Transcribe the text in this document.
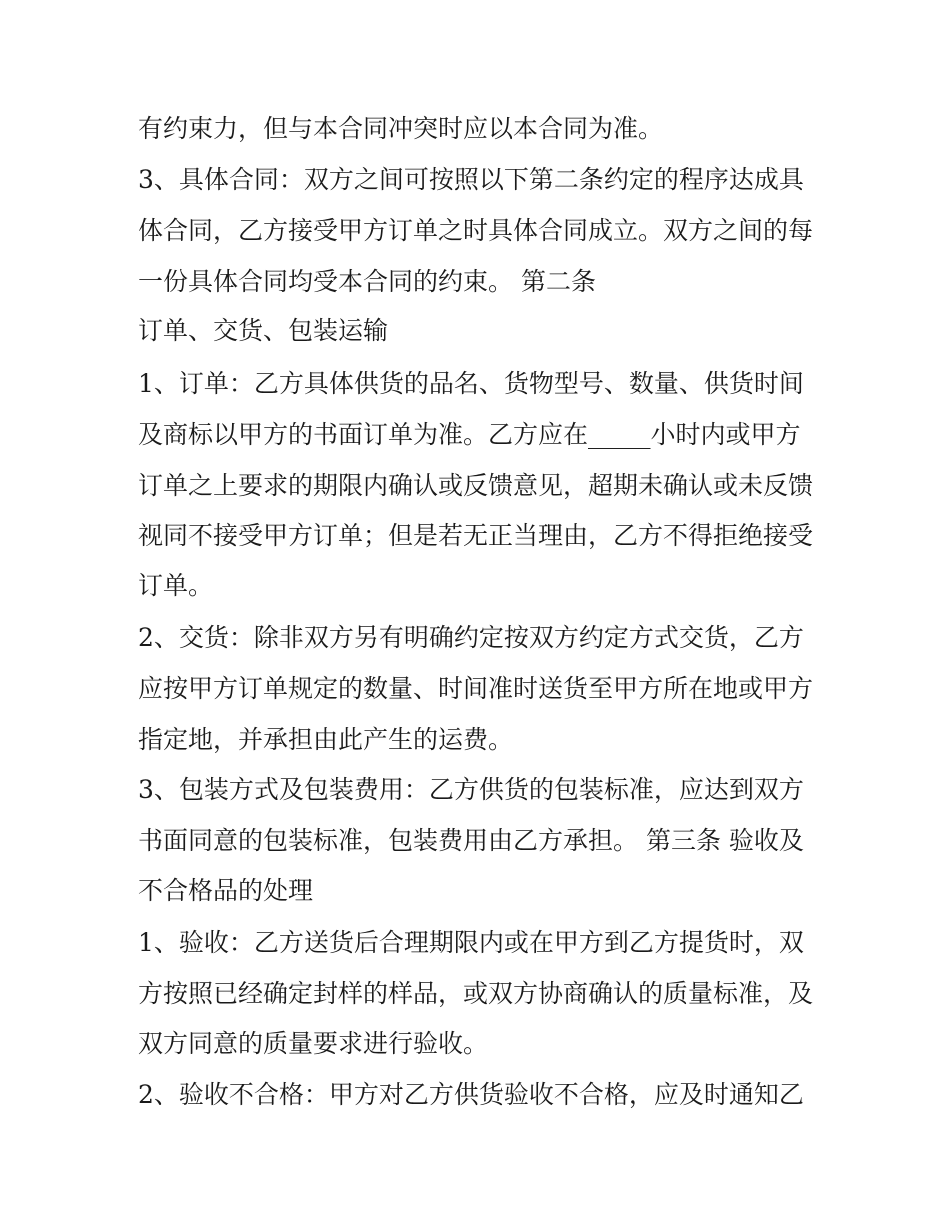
有约束力，但与本合同冲突时应以本合同为准。

3、具体合同：双方之间可按照以下第二条约定的程序达成具

体合同，乙方接受甲方订单之时具体合同成立。双方之间的每

一份具体合同均受本合同的约束。 第二条

订单、交货、包装运输

1、订单：乙方具体供货的品名、货物型号、数量、供货时间

及商标以甲方的书面订单为准。乙方应在_____小时内或甲方

订单之上要求的期限内确认或反馈意见，超期未确认或未反馈

视同不接受甲方订单；但是若无正当理由，乙方不得拒绝接受

订单。

2、交货：除非双方另有明确约定按双方约定方式交货，乙方

应按甲方订单规定的数量、时间准时送货至甲方所在地或甲方

指定地，并承担由此产生的运费。

3、包装方式及包装费用：乙方供货的包装标准，应达到双方

书面同意的包装标准，包装费用由乙方承担。 第三条 验收及

不合格品的处理

1、验收：乙方送货后合理期限内或在甲方到乙方提货时，双

方按照已经确定封样的样品，或双方协商确认的质量标准，及

双方同意的质量要求进行验收。

2、验收不合格：甲方对乙方供货验收不合格，应及时通知乙
